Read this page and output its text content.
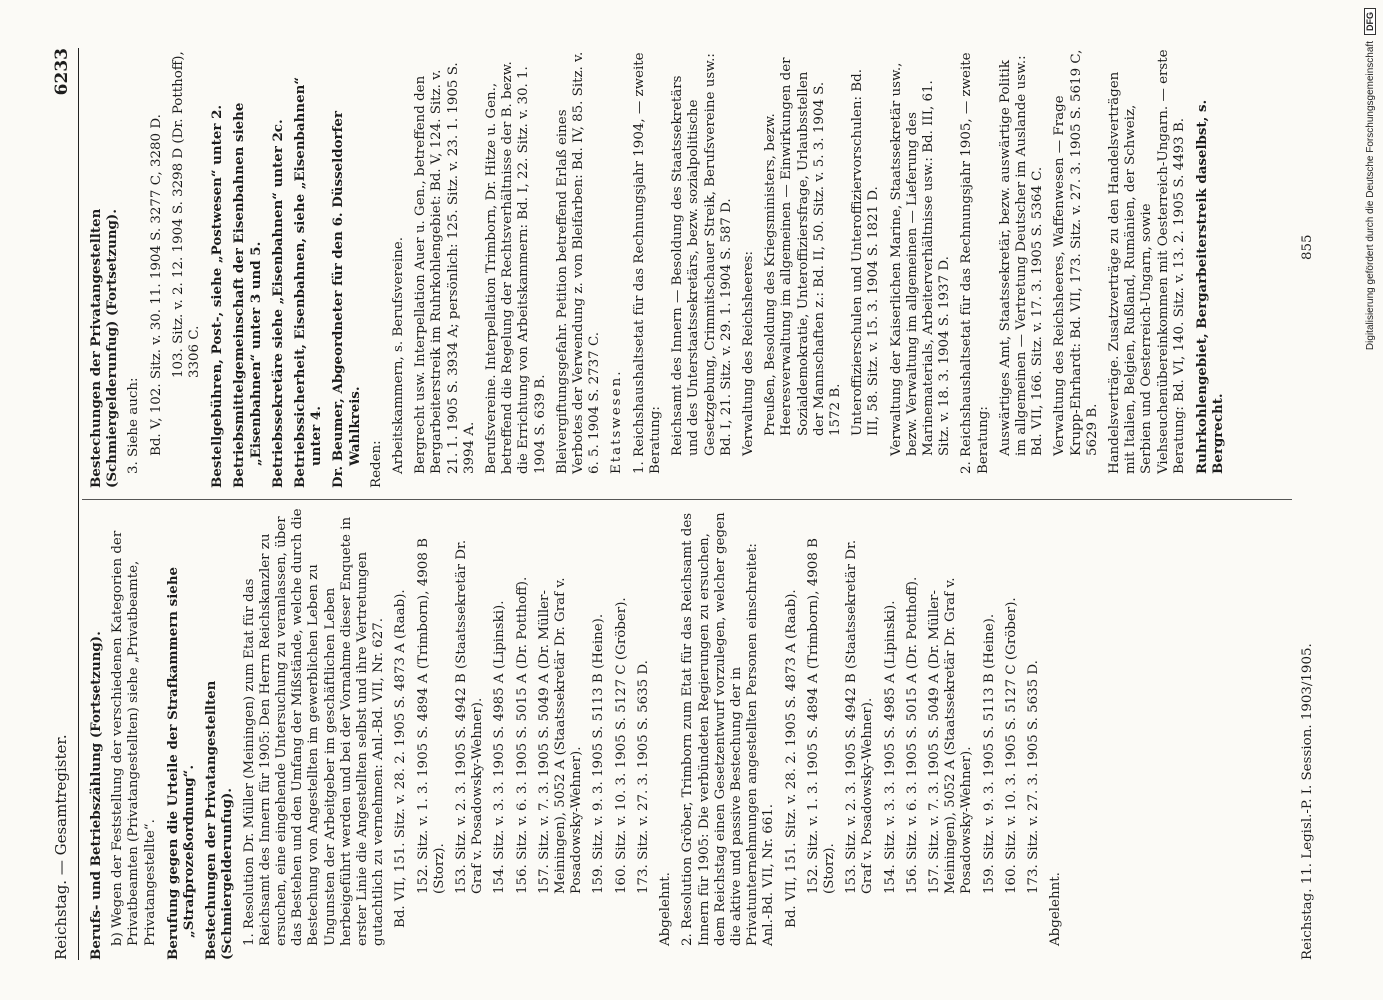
Reichstag. — Gesamtregister.
6233
Berufs- und Betriebszählung (Fortsetzung). b) Wegen der Feststellung der verschiedenen Kategorien der Privatbeamten (Privatangestellten) siehe „Privatbeamte, Privatangestellte“. Berufung gegen die Urteile der Strafkammern siehe „Strafprozeßordnung“. Bestechungen der Privatangestellten (Schmiergelderunfug). 1. Resolution Dr. Müller (Meiningen) zum Etat für das Reichsamt des Innern für 1905: Den Herrn Reichskanzler zu ersuchen, eine eingehende Untersuchung zu veranlassen, über das Bestehen und den Umfang der Mißstände, welche durch die Bestechung von Angestellten im gewerblichen Leben zu Ungunsten der Arbeitgeber im geschäftlichen Leben herbeigeführt werden und bei der Vornahme dieser Enquete in erster Linie die Angestellten selbst und ihre Vertretungen gutachtlich zu vernehmen: Anl.-Bd. VII, Nr. 627. Bd. VII, 151. Sitz. v. 28. 2. 1905 S. 4873 A (Raab). 152. Sitz. v. 1. 3. 1905 S. 4894 A (Trimborn), 4908 B (Storz). 153. Sitz. v. 2. 3. 1905 S. 4942 B (Staatssekretär Dr. Graf v. Posadowsky-Wehner). 154. Sitz. v. 3. 3. 1905 S. 4985 A (Lipinski). 156. Sitz. v. 6. 3. 1905 S. 5015 A (Dr. Potthoff). 157. Sitz. v. 7. 3. 1905 S. 5049 A (Dr. Müller-Meiningen), 5052 A (Staatssekretär Dr. Graf v. Posadowsky-Wehner). 159. Sitz. v. 9. 3. 1905 S. 5113 B (Heine). 160. Sitz. v. 10. 3. 1905 S. 5127 C (Gröber). 173. Sitz. v. 27. 3. 1905 S. 5635 D.
Abgelehnt. 2. Resolution Gröber, Trimborn zum Etat für das Reichsamt des Innern für 1905: Die verbündeten Regierungen zu ersuchen, dem Reichstag einen Gesetzentwurf vorzulegen, welcher gegen die aktive und passive Bestechung der in Privatunternehmungen angestellten Personen einschreitet: Anl.-Bd. VII, Nr. 661. Bd. VII, 151. Sitz. v. 28. 2. 1905 S. 4873 A (Raab). 152. Sitz. v. 1. 3. 1905 S. 4894 A (Trimborn), 4908 B (Storz). 153. Sitz. v. 2. 3. 1905 S. 4942 B (Staatssekretär Dr. Graf v. Posadowsky-Wehner). 154. Sitz. v. 3. 3. 1905 S. 4985 A (Lipinski). 156. Sitz. v. 6. 3. 1905 S. 5015 A (Dr. Potthoff). 157. Sitz. v. 7. 3. 1905 S. 5049 A (Dr. Müller-Meiningen), 5052 A (Staatssekretär Dr. Graf v. Posadowsky-Wehner). 159. Sitz. v. 9. 3. 1905 S. 5113 B (Heine). 160. Sitz. v. 10. 3. 1905 S. 5127 C (Gröber). 173. Sitz. v. 27. 3. 1905 S. 5635 D.
Abgelehnt.
Bestechungen der Privatangestellten (Schmiergelderunfug) (Fortsetzung). 3. Siehe auch: Bd. V, 102. Sitz. v. 30. 11. 1904 S. 3277 C, 3280 D. 103. Sitz. v. 2. 12. 1904 S. 3298 D (Dr. Potthoff), 3306 C. Bestellgebühren, Post-, siehe „Postwesen“ unter 2. Betriebsmittelgemeinschaft der Eisenbahnen siehe „Eisenbahnen“ unter 3 und 5. Betriebssekretäre siehe „Eisenbahnen“ unter 2c. Betriebssicherheit, Eisenbahnen, siehe „Eisenbahnen“ unter 4. Dr. Beumer, Abgeordneter für den 6. Düsseldorfer Wahlkreis. Reden: Arbeitskammern, s. Berufsvereine. Bergrecht usw. Interpellation Auer u. Gen., betreffend den Bergarbeiterstreik im Ruhrkohlengebiet: Bd. V, 124. Sitz. v. 21. 1. 1905 S. 3934 A; persönlich: 125. Sitz. v. 23. 1. 1905 S. 3994 A. Berufsvereine. Interpellation Trimborn, Dr. Hitze u. Gen., betreffend die Regelung der Rechtsverhältnisse der B. bezw. die Errichtung von Arbeitskammern: Bd. I, 22. Sitz. v. 30. 1. 1904 S. 639 B. Bleivergiftungsgefahr. Petition betreffend Erlaß eines Verbotes der Verwendung z. von Bleifarben: Bd. IV, 85. Sitz. v. 6. 5. 1904 S. 2737 C. Etatswesen. 1. Reichshaushaltsetat für das Rechnungsjahr 1904, — zweite Beratung: Reichsamt des Innern — Besoldung des Staatssekretärs und des Unterstaatssekretärs, bezw. sozialpolitische Gesetzgebung, Crimmitschauer Streik, Berufsvereine usw.: Bd. I, 21. Sitz. v. 29. 1. 1904 S. 587 D. Verwaltung des Reichsheeres: Preußen, Besoldung des Kriegsministers, bezw. Heeresverwaltung im allgemeinen — Einwirkungen der Sozialdemokratie, Unteroffiziersfrage, Urlaubsstellen der Mannschaften z.: Bd. II, 50. Sitz. v. 5. 3. 1904 S. 1572 B. Unteroffizierschulen und Unteroffiziervorschulen: Bd. III, 58. Sitz. v. 15. 3. 1904 S. 1821 D. Verwaltung der Kaiserlichen Marine, Staatssekretär usw., bezw. Verwaltung im allgemeinen — Lieferung des Marinematerials, Arbeiterverhältnisse usw.: Bd. III, 61. Sitz. v. 18. 3. 1904 S. 1937 D. 2. Reichshaushaltsetat für das Rechnungsjahr 1905, — zweite Beratung: Auswärtiges Amt, Staatssekretär, bezw. auswärtige Politik im allgemeinen — Vertretung Deutscher im Auslande usw.: Bd. VII, 166. Sitz. v. 17. 3. 1905 S. 5364 C. Verwaltung des Reichsheeres, Waffenwesen — Frage Krupp-Ehrhardt: Bd. VII, 173. Sitz. v. 27. 3. 1905 S. 5619 C, 5629 B. Handelsverträge. Zusatzverträge zu den Handelsverträgen mit Italien, Belgien, Rußland, Rumänien, der Schweiz, Serbien und Oesterreich-Ungarn, sowie Viehseuchenübereinkommen mit Oesterreich-Ungarn. — erste Beratung: Bd. VI, 140. Sitz. v. 13. 2. 1905 S. 4493 B. Ruhrkohlengebiet, Bergarbeiterstreik daselbst, s. Bergrecht.
Reichstag. 11. Legisl.-P. I. Session. 1903/1905.
855	Digitalisierung gefördert durch die Deutsche Forschungsgemeinschaft
DFG
